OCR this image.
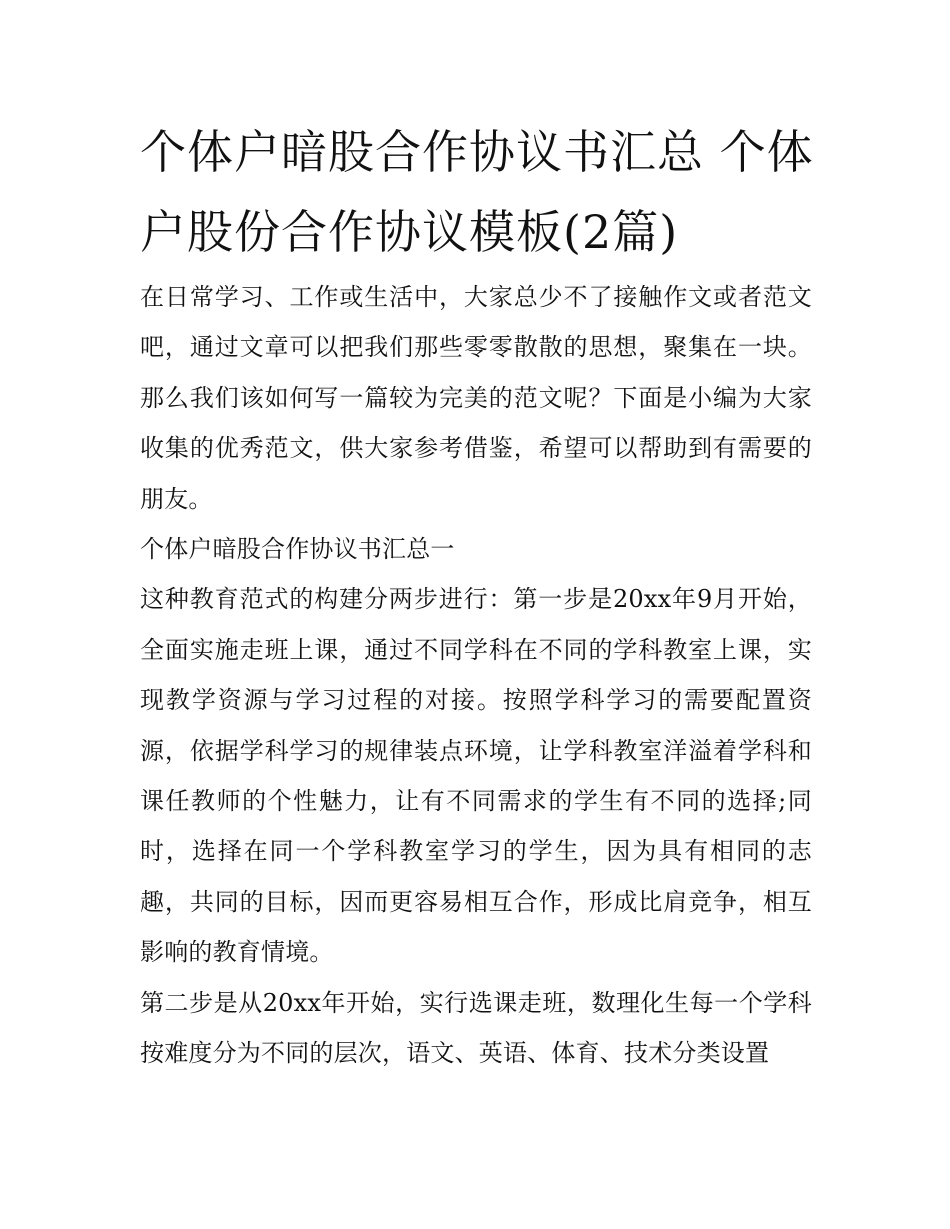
个体户暗股合作协议书汇总 个体户股份合作协议模板(2篇)

在日常学习、工作或生活中，大家总少不了接触作文或者范文吧，通过文章可以把我们那些零零散散的思想，聚集在一块。那么我们该如何写一篇较为完美的范文呢？下面是小编为大家收集的优秀范文，供大家参考借鉴，希望可以帮助到有需要的朋友。

个体户暗股合作协议书汇总一

这种教育范式的构建分两步进行：第一步是20xx年9月开始，全面实施走班上课，通过不同学科在不同的学科教室上课，实现教学资源与学习过程的对接。按照学科学习的需要配置资源，依据学科学习的规律装点环境，让学科教室洋溢着学科和课任教师的个性魅力，让有不同需求的学生有不同的选择;同时，选择在同一个学科教室学习的学生，因为具有相同的志趣，共同的目标，因而更容易相互合作，形成比肩竞争，相互影响的教育情境。

第二步是从20xx年开始，实行选课走班，数理化生每一个学科按难度分为不同的层次，语文、英语、体育、技术分类设置
